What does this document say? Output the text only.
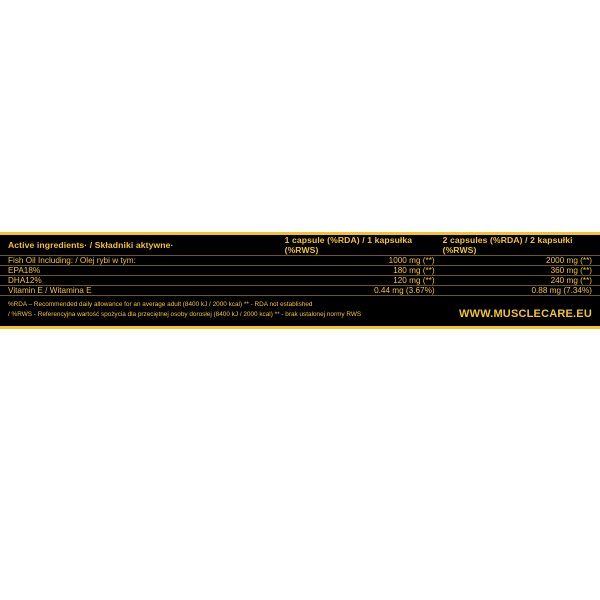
Active ingredients· / Składniki aktywne·	1 capsule (%RDA) / 1 kapsułka (%RWS)	2 capsules (%RDA) / 2 kapsułki (%RWS)
Fish Oil Including: / Olej rybi w tym:	1000 mg (**)	2000 mg (**)
EPA18%	180 mg (**)	360 mg (**)
DHA12%	120 mg (**)	240 mg (**)
Vitamin E / Witamina E	0.44 mg (3.67%)	0.88 mg (7.34%)
%RDA – Recommended daily allowance for an average adult (8400 kJ / 2000 kcal) ** - RDA not established
/ %RWS - Referencyjna wartość spożycia dla przeciętnej osoby dorosłej (8400 kJ / 2000 kcal) ** - brak ustalonej normy RWS	WWW.MUSCLECARE.EU
